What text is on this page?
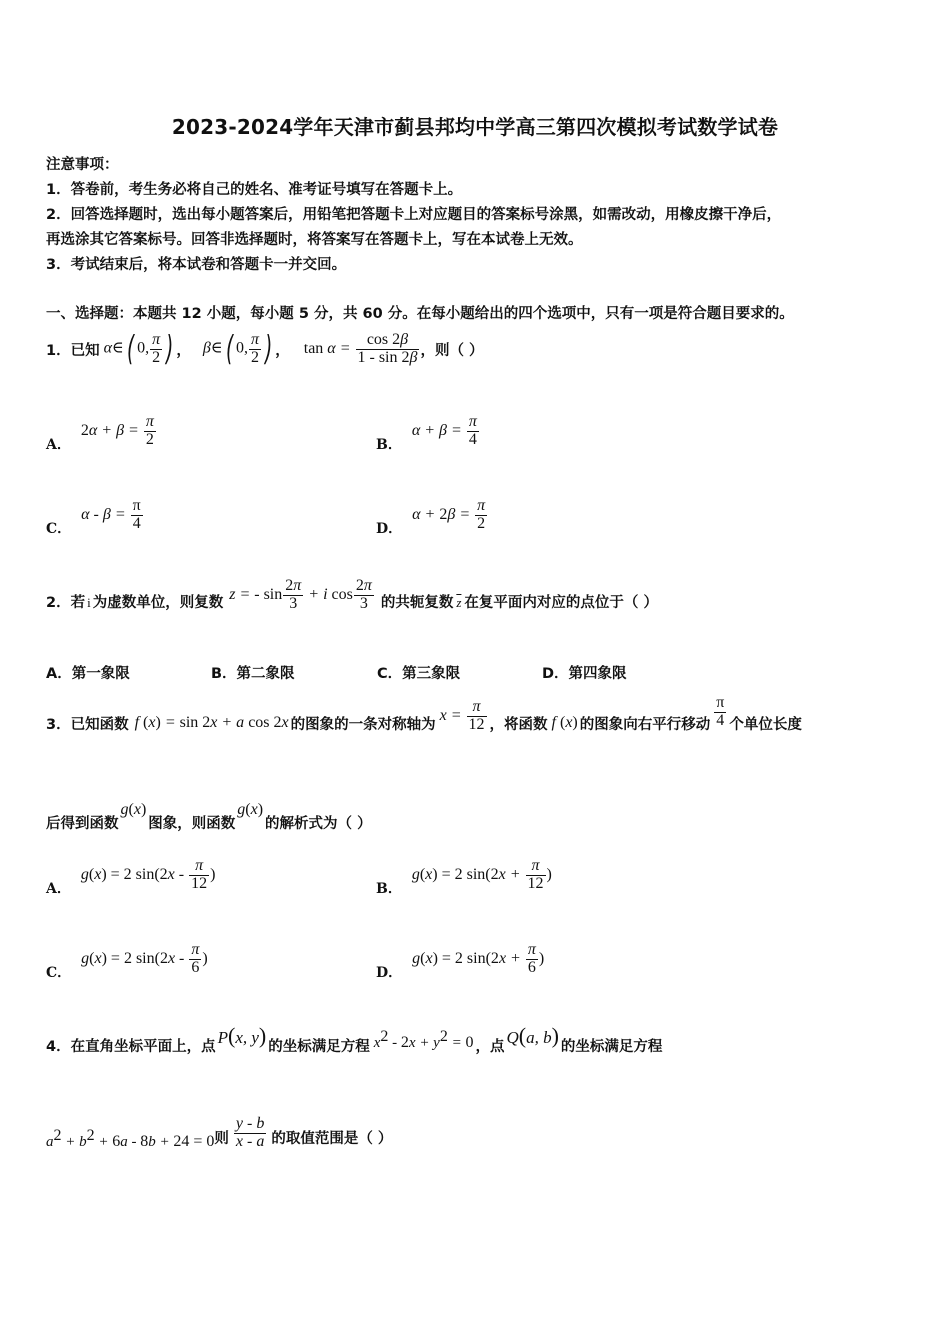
2023-2024学年天津市蓟县邦均中学高三第四次模拟考试数学试卷
注意事项：
1．答卷前，考生务必将自己的姓名、准考证号填写在答题卡上。
2．回答选择题时，选出每小题答案后，用铅笔把答题卡上对应题目的答案标号涂黑，如需改动，用橡皮擦干净后，
再选涂其它答案标号。回答非选择题时，将答案写在答题卡上，写在本试卷上无效。
3．考试结束后，将本试卷和答题卡一并交回。
一、选择题：本题共 12 小题，每小题 5 分，共 60 分。在每小题给出的四个选项中，只有一项是符合题目要求的。
1．已知 α∈( 0, $\frac{\pi}{2}$ ) ， β∈( 0, $\frac{\pi}{2}$ ) ， $\tan \alpha = \frac{\cos 2\beta}{1 - \sin 2\beta}$ ，则（ ）
A．
$2\alpha + \beta = \frac{\pi}{2}$	B．
$\alpha + \beta = \frac{\pi}{4}$
C．
$\alpha - \beta = \frac{\pi}{4}$	D．
$\alpha + 2\beta = \frac{\pi}{2}$
2．若 i 为虚数单位，则复数 z = - $\sin \frac{2\pi}{3} + i$ $\cos \frac{2\pi}{3}$ 的共轭复数 $\overline{z}$ 在复平面内对应的点位于（ ）
A．第一象限	B．第二象限	C．第三象限	D．第四象限
3．已知函数 f (x) = sin 2x + a cos 2x 的图象的一条对称轴为
$x = \frac{\pi}{12}$ ，将函数 f (x) 的图象向右平行移动 $\frac{\pi}{4}$ 个单位长度
后得到函数
g(x)
图象，则函数
g(x)
的解析式为（ ）
A．
g(x) = 2 $\sin(2x - \frac{\pi}{12}$ )
B．
g(x) = 2 $\sin(2x + \frac{\pi}{12}$ )
C．
g(x) = 2 $\sin(2x - \frac{\pi}{6}$ )
D．
g(x) = 2 $\sin(2x + \frac{\pi}{6}$ )
4．在直角坐标平面上，点 P(x, y) 的坐标满足方程 $x^2 - 2x + y^2 = 0$ ，点 Q(a, b) 的坐标满足方程
$a^2 + b^2 + 6a - 8b + 24 = 0$ 则 $\frac{y - b}{x - a}$ 的取值范围是（ ）
